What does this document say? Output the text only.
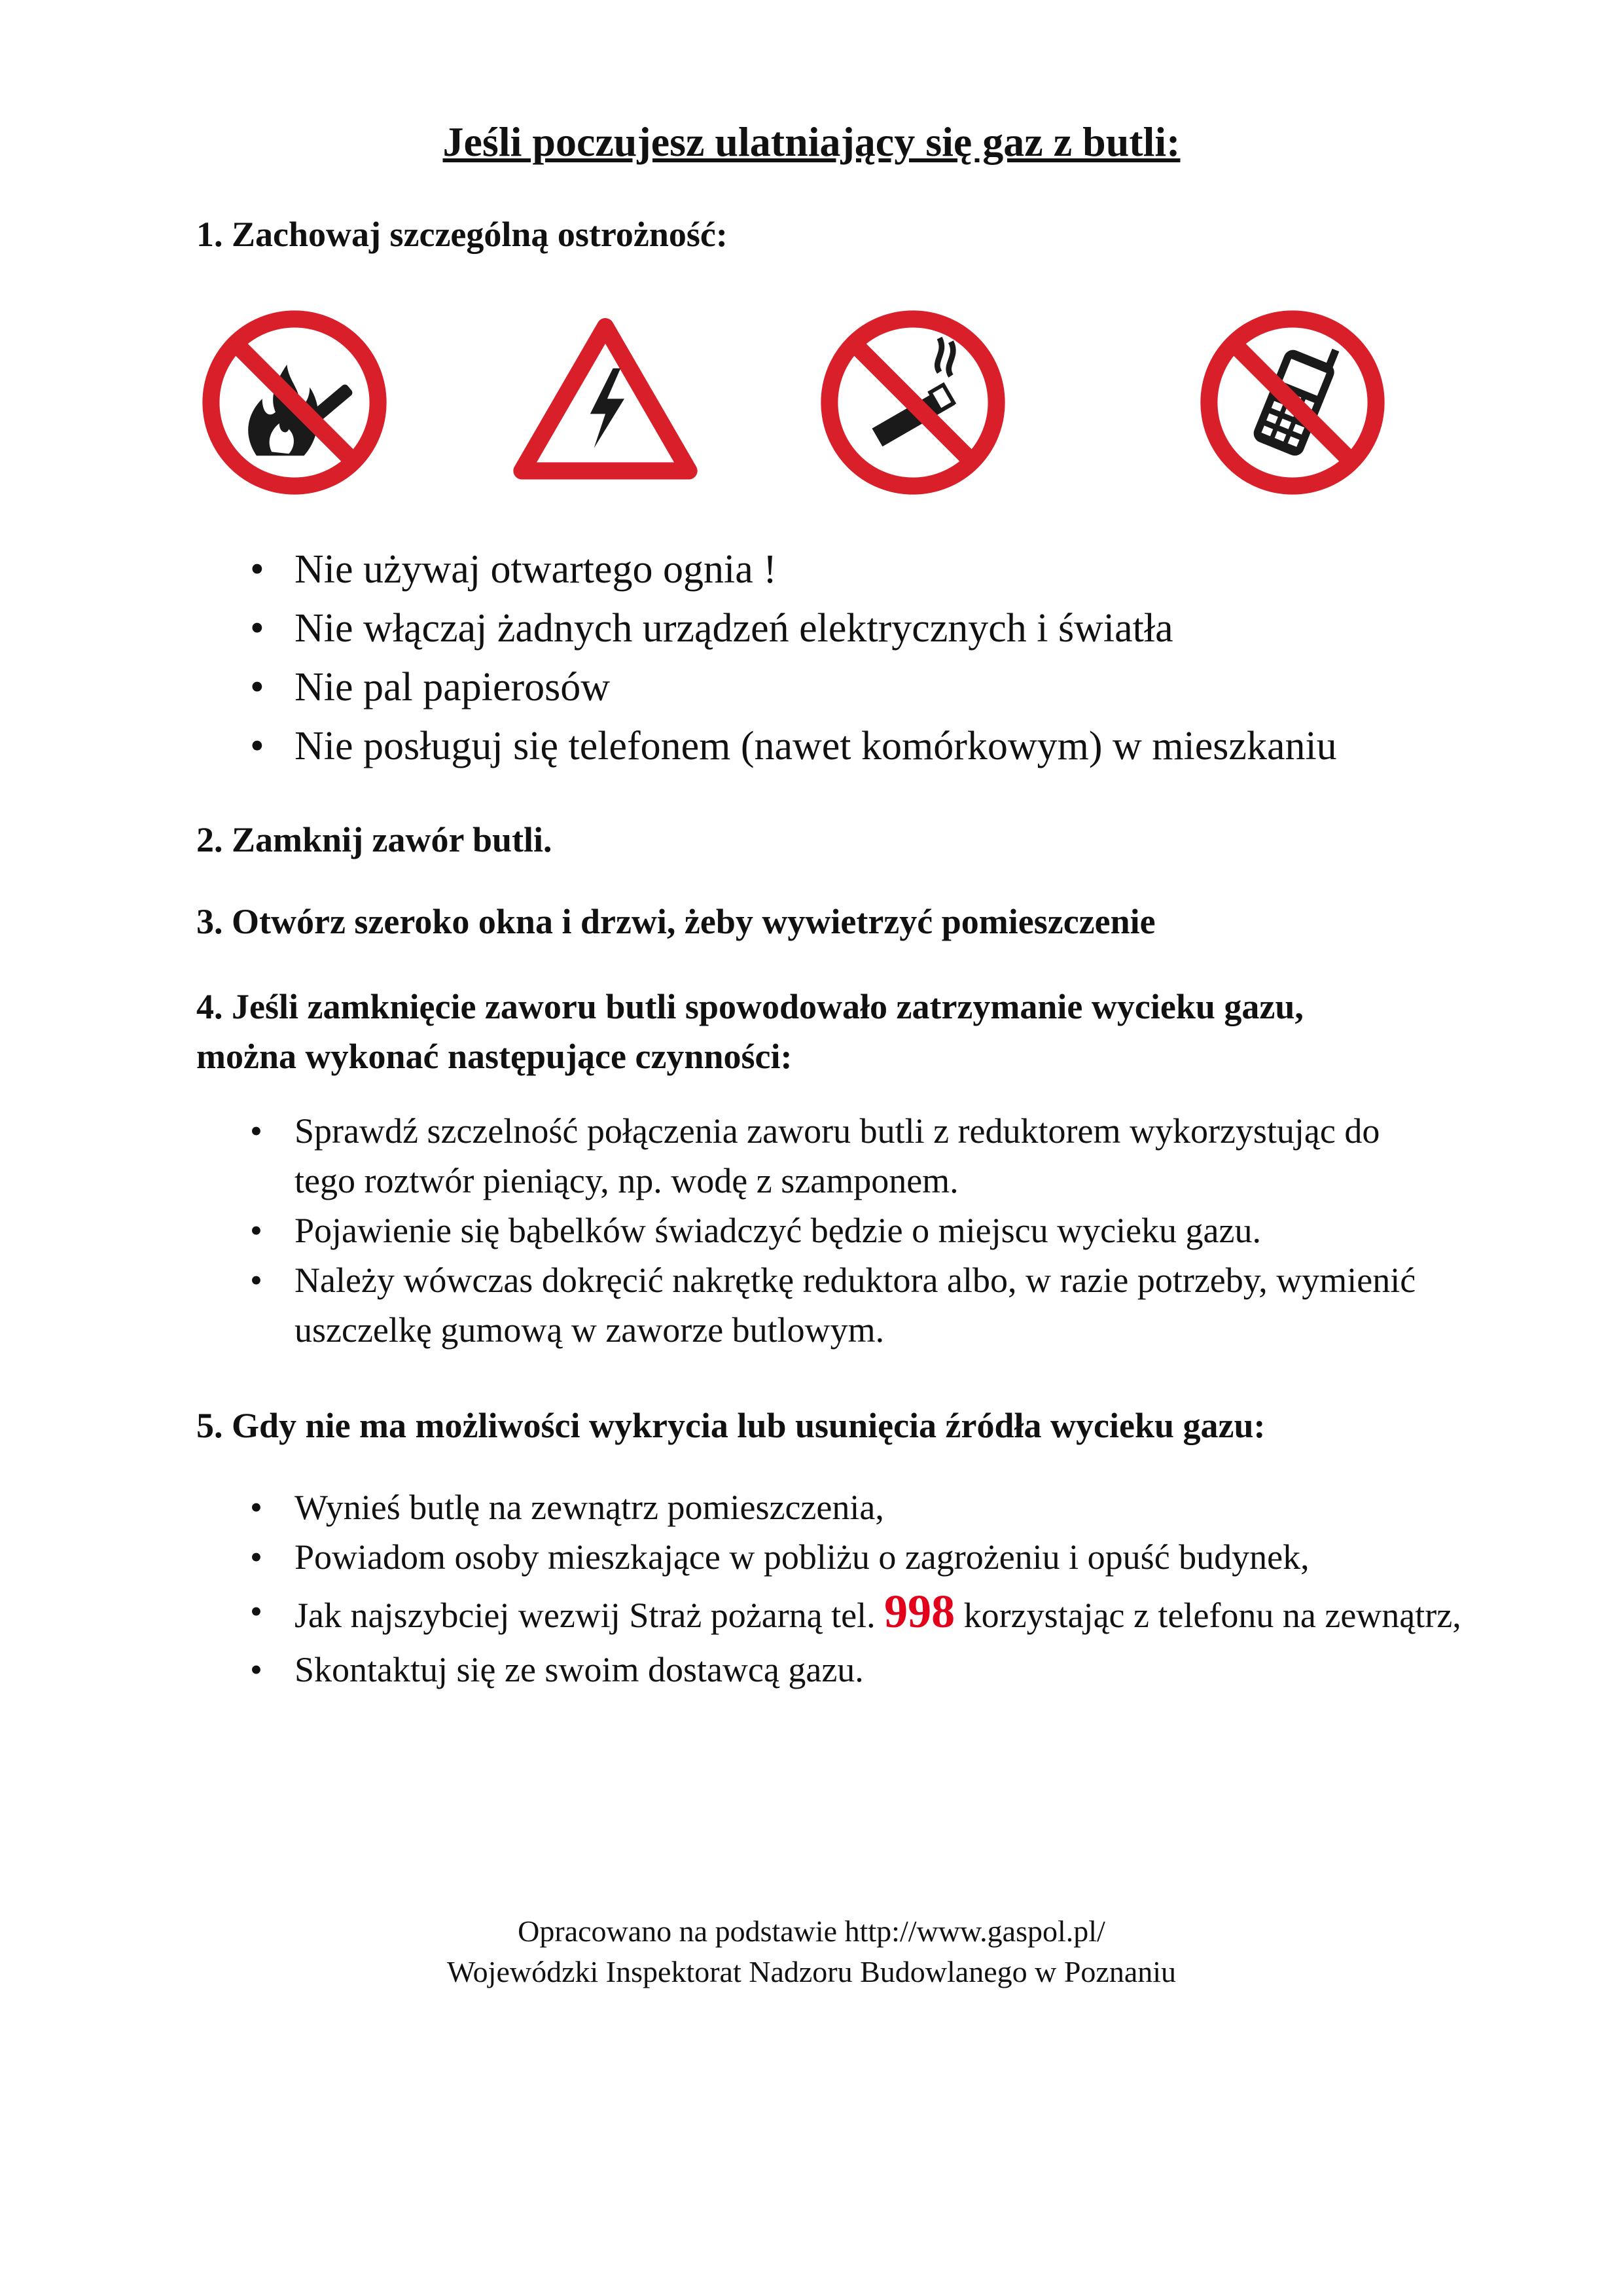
Jeśli poczujesz ulatniający się gaz z butli:

1. Zachowaj szczególną ostrożność:

• Nie używaj otwartego ognia !
• Nie włączaj żadnych urządzeń elektrycznych i światła
• Nie pal papierosów
• Nie posługuj się telefonem (nawet komórkowym) w mieszkaniu

2. Zamknij zawór butli.

3. Otwórz szeroko okna i drzwi, żeby wywietrzyć pomieszczenie

4. Jeśli zamknięcie zaworu butli spowodowało zatrzymanie wycieku gazu,
można wykonać następujące czynności:

• Sprawdź szczelność połączenia zaworu butli z reduktorem wykorzystując do tego roztwór pieniący, np. wodę z szamponem.
• Pojawienie się bąbelków świadczyć będzie o miejscu wycieku gazu.
• Należy wówczas dokręcić nakrętkę reduktora albo, w razie potrzeby, wymienić uszczelkę gumową w zaworze butlowym.

5. Gdy nie ma możliwości wykrycia lub usunięcia źródła wycieku gazu:

• Wynieś butlę na zewnątrz pomieszczenia,
• Powiadom osoby mieszkające w pobliżu o zagrożeniu i opuść budynek,
• Jak najszybciej wezwij Straż pożarną tel. 998 korzystając z telefonu na zewnątrz,
• Skontaktuj się ze swoim dostawcą gazu.
Opracowano na podstawie http://www.gaspol.pl/
Wojewódzki Inspektorat Nadzoru Budowlanego w Poznaniu
